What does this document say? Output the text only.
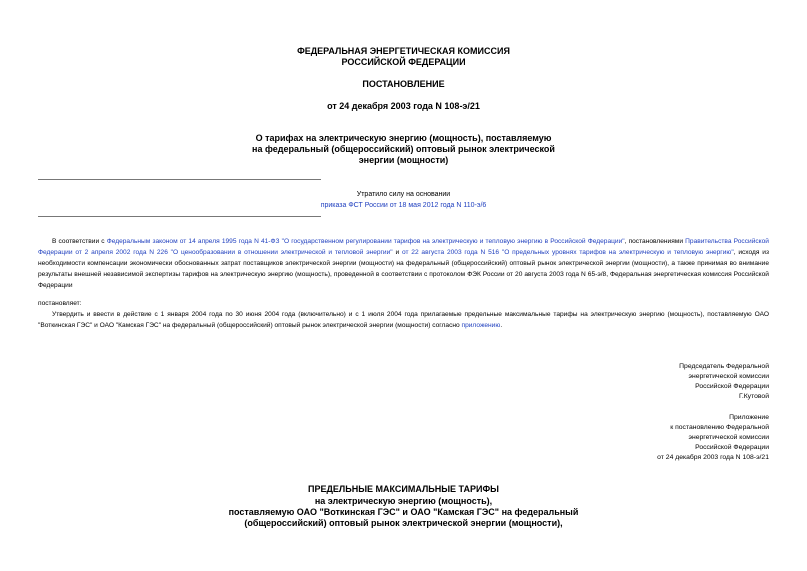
ФЕДЕРАЛЬНАЯ ЭНЕРГЕТИЧЕСКАЯ КОМИССИЯ
РОССИЙСКОЙ ФЕДЕРАЦИИ
ПОСТАНОВЛЕНИЕ
от 24 декабря 2003 года N 108-э/21
О тарифах на электрическую энергию (мощность), поставляемую
на федеральный (общероссийский) оптовый рынок электрической
энергии (мощности)
Утратило силу на основании
приказа ФСТ России от 18 мая 2012 года N 110-э/6
В соответствии с Федеральным законом от 14 апреля 1995 года N 41-ФЗ "О государственном регулировании тарифов на электрическую и тепловую энергию в Российской Федерации", постановлениями Правительства Российской Федерации от 2 апреля 2002 года N 226 "О ценообразовании в отношении электрической и тепловой энергии" и от 22 августа 2003 года N 516 "О предельных уровнях тарифов на электрическую и тепловую энергию", исходя из необходимости компенсации экономически обоснованных затрат поставщиков электрической энергии (мощности) на федеральный (общероссийский) оптовый рынок электрической энергии (мощности), а также принимая во внимание результаты внешней независимой экспертизы тарифов на электрическую энергию (мощность), проведенной в соответствии с протоколом ФЭК России от 20 августа 2003 года N 65-э/8, Федеральная энергетическая комиссия Российской Федерации
постановляет:
Утвердить и ввести в действие с 1 января 2004 года по 30 июня 2004 года (включительно) и с 1 июля 2004 года прилагаемые предельные максимальные тарифы на электрическую энергию (мощность), поставляемую ОАО "Воткинская ГЭС" и ОАО "Камская ГЭС" на федеральный (общероссийский) оптовый рынок электрической энергии (мощности) согласно приложению.
Председатель Федеральной
энергетической комиссии
Российской Федерации
Г.Кутовой
Приложение
к постановлению Федеральной
энергетической комиссии
Российской Федерации
от 24 декабря 2003 года N 108-э/21
ПРЕДЕЛЬНЫЕ МАКСИМАЛЬНЫЕ ТАРИФЫ
на электрическую энергию (мощность),
поставляемую ОАО "Воткинская ГЭС" и ОАО "Камская ГЭС" на федеральный
(общероссийский) оптовый рынок электрической энергии (мощности),
